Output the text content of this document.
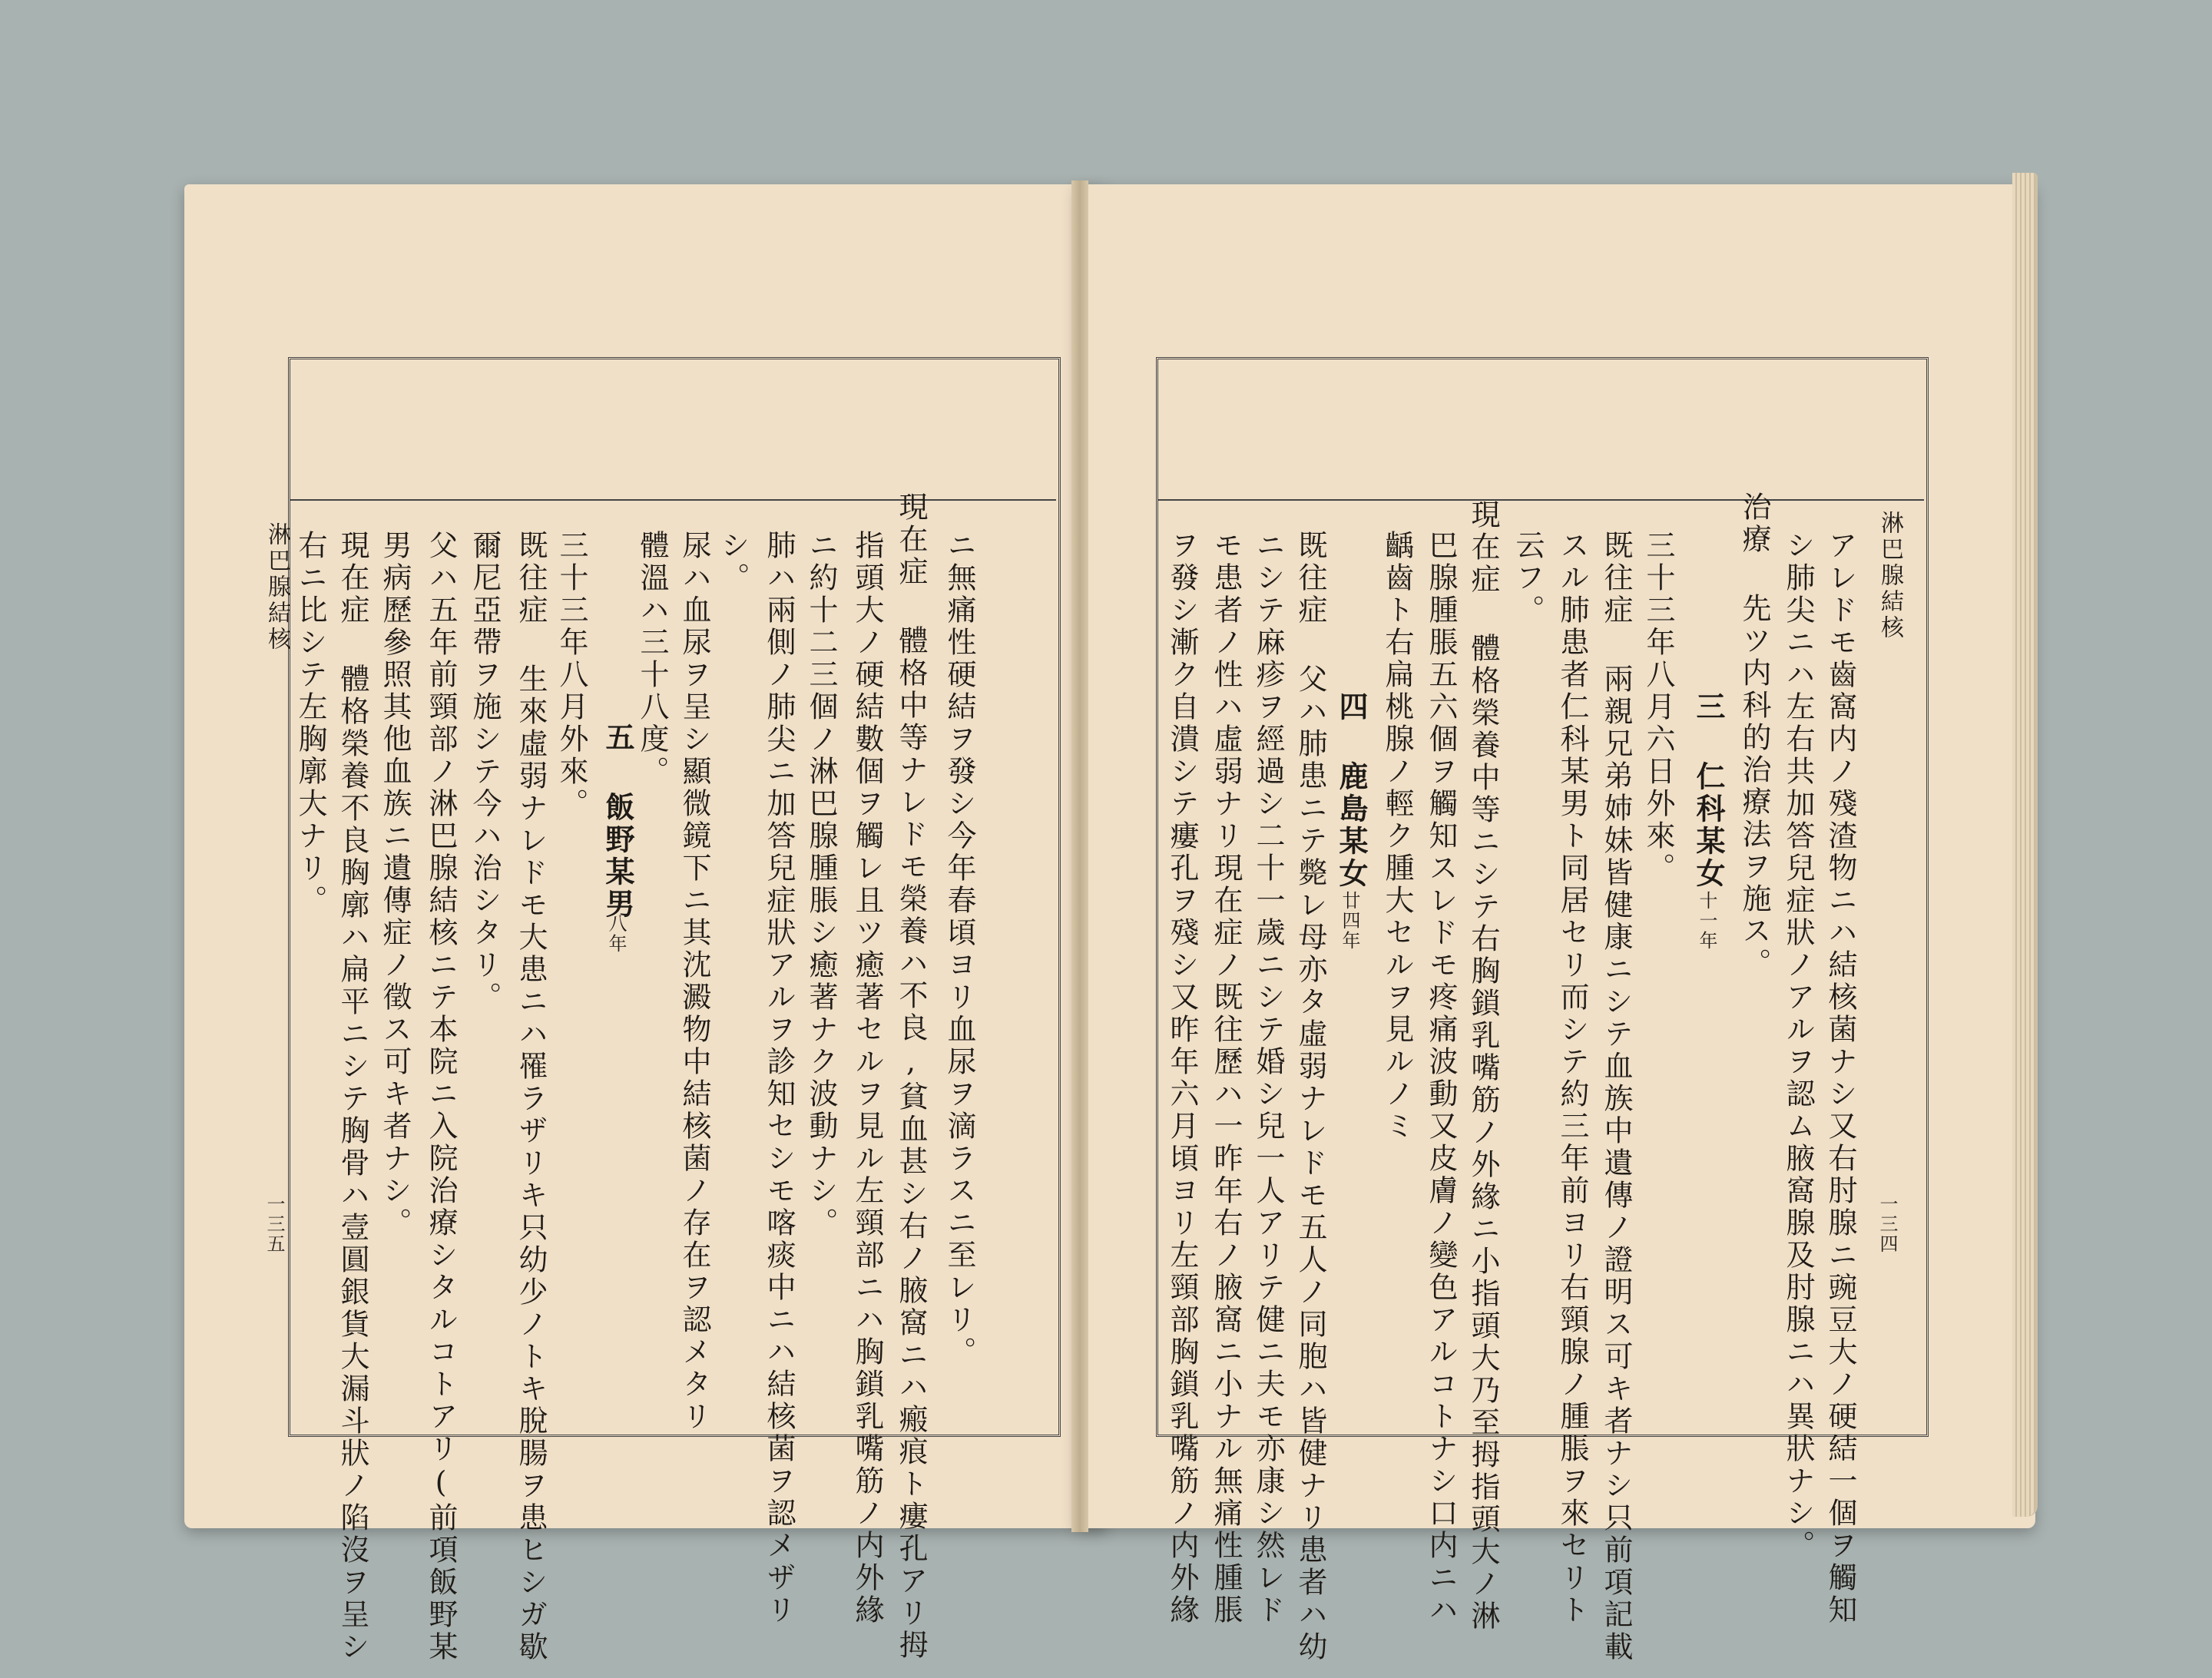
淋巴腺結核
一三五	ニ無痛性硬結ヲ發シ今年春頃ヨリ血尿ヲ滴ラスニ至レリ。
現在症 體格中等ナレドモ榮養ハ不良,貧血甚シ右ノ腋窩ニハ瘢痕ト瘻孔アリ拇
指頭大ノ硬結數個ヲ觸レ且ツ癒著セルヲ見ル左頸部ニハ胸鎖乳嘴筋ノ内外緣
ニ約十二三個ノ淋巴腺腫脹シ癒著ナク波動ナシ。
肺ハ兩側ノ肺尖ニ加答兒症狀アルヲ診知セシモ喀痰中ニハ結核菌ヲ認メザリ
シ。
尿ハ血尿ヲ呈シ顯微鏡下ニ其沈澱物中結核菌ノ存在ヲ認メタリ
體溫ハ三十八度。
五 飯野某男
八年
三十三年八月外來。
既往症 生來虛弱ナレドモ大患ニハ罹ラザリキ只幼少ノトキ脫腸ヲ患ヒシガ歇
爾尼亞帶ヲ施シテ今ハ治シタリ。
父ハ五年前頸部ノ淋巴腺結核ニテ本院ニ入院治療シタルコトアリ(前項飯野某
男病歷參照其他血族ニ遺傳症ノ徵ス可キ者ナシ。
現在症 體格榮養不良胸廓ハ扁平ニシテ胸骨ハ壹圓銀貨大漏斗狀ノ陷沒ヲ呈シ
右ニ比シテ左胸廓大ナリ。	淋巴腺結核
一三四
アレドモ齒窩内ノ殘渣物ニハ結核菌ナシ又右肘腺ニ豌豆大ノ硬結一個ヲ觸知
シ肺尖ニハ左右共加答兒症狀ノアルヲ認ム腋窩腺及肘腺ニハ異狀ナシ。
治療 先ツ内科的治療法ヲ施ス。
三 仁科某女
十一年
三十三年八月六日外來。
既往症 兩親兄弟姉妹皆健康ニシテ血族中遺傳ノ證明ス可キ者ナシ只前項記載
スル肺患者仁科某男ト同居セリ而シテ約三年前ヨリ右頸腺ノ腫脹ヲ來セリト
云フ。
現在症 體格榮養中等ニシテ右胸鎖乳嘴筋ノ外緣ニ小指頭大乃至拇指頭大ノ淋
巴腺腫脹五六個ヲ觸知スレドモ疼痛波動又皮膚ノ變色アルコトナシ口内ニハ
齲齒ト右扁桃腺ノ輕ク腫大セルヲ見ルノミ
四 鹿島某女
廿四年
既往症 父ハ肺患ニテ斃レ母亦タ虛弱ナレドモ五人ノ同胞ハ皆健ナリ患者ハ幼
ニシテ麻疹ヲ經過シ二十一歲ニシテ婚シ兒一人アリテ健ニ夫モ亦康シ然レド
モ患者ノ性ハ虛弱ナリ現在症ノ既往歷ハ一昨年右ノ腋窩ニ小ナル無痛性腫脹
ヲ發シ漸ク自潰シテ瘻孔ヲ殘シ又昨年六月頃ヨリ左頸部胸鎖乳嘴筋ノ内外緣
